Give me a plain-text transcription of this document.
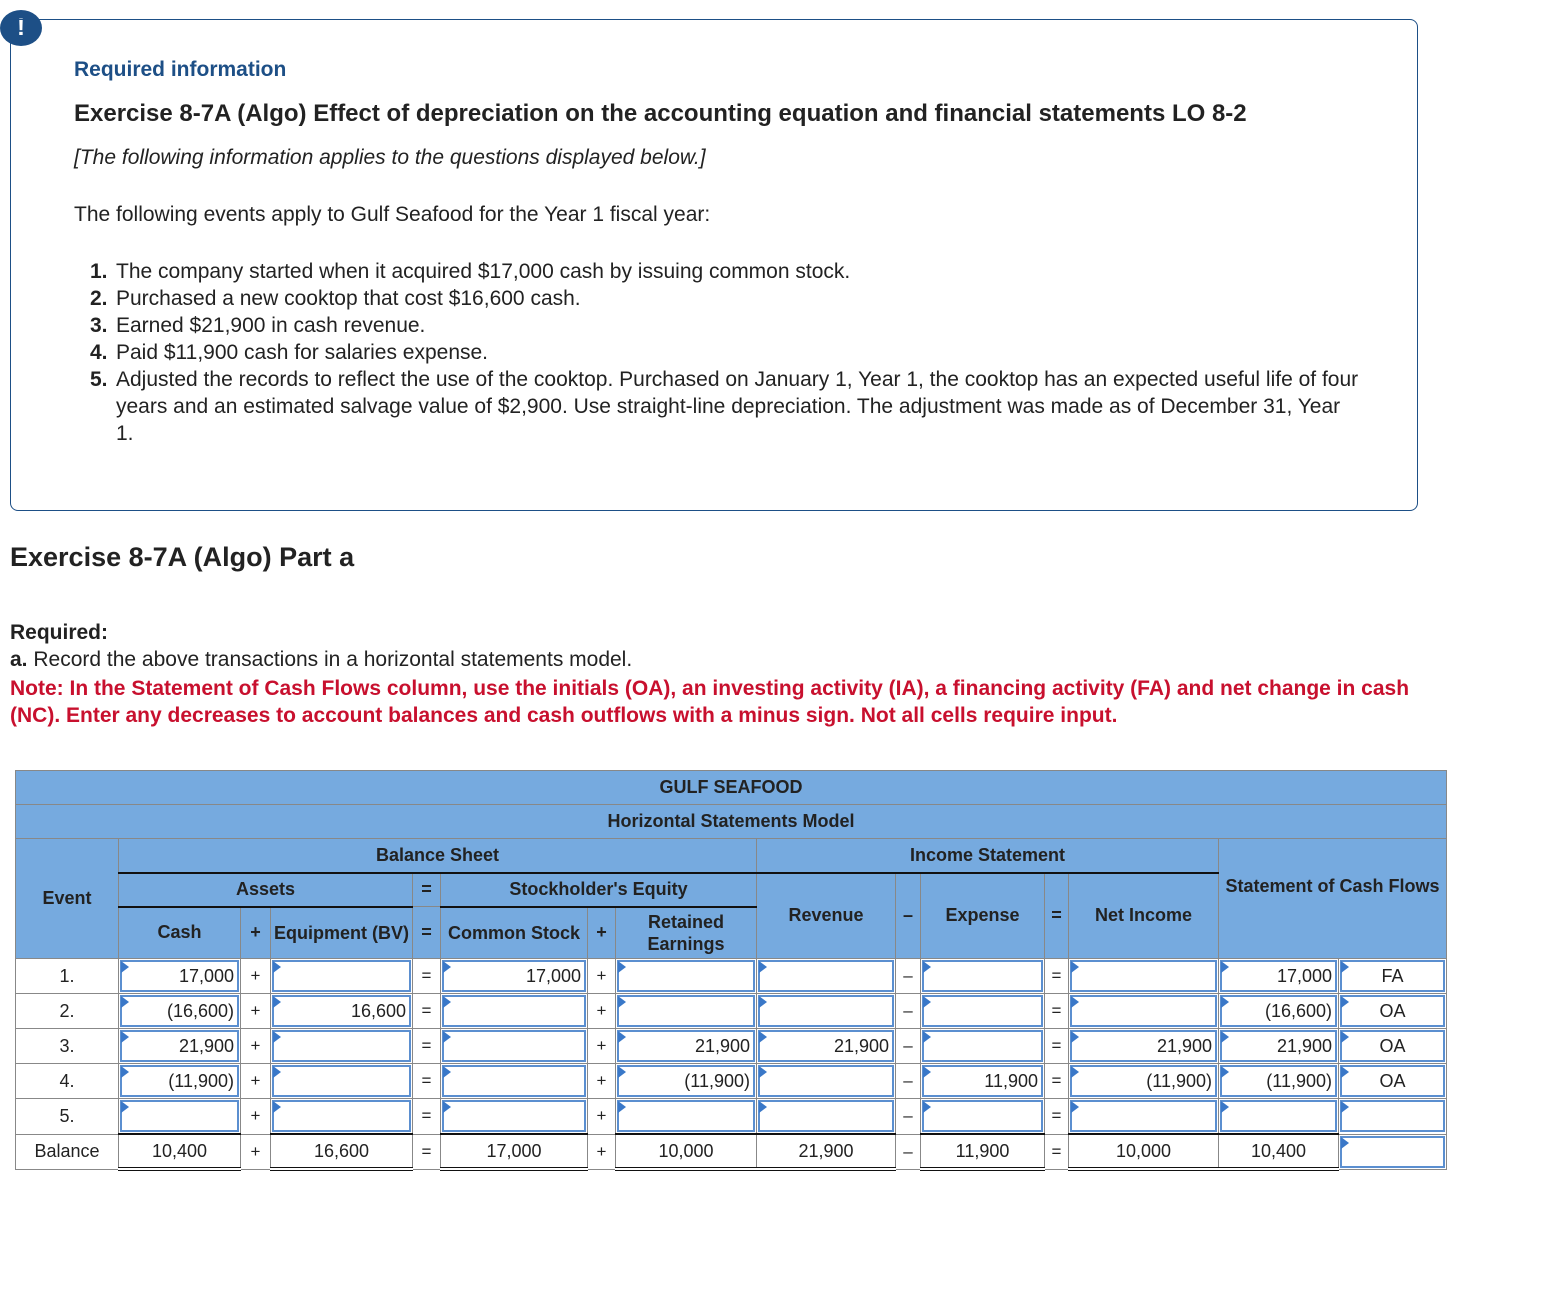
!
Required information
Exercise 8-7A (Algo) Effect of depreciation on the accounting equation and financial statements LO 8-2
[The following information applies to the questions displayed below.]
The following events apply to Gulf Seafood for the Year 1 fiscal year:
1. The company started when it acquired $17,000 cash by issuing common stock.
2. Purchased a new cooktop that cost $16,600 cash.
3. Earned $21,900 in cash revenue.
4. Paid $11,900 cash for salaries expense.
5. Adjusted the records to reflect the use of the cooktop. Purchased on January 1, Year 1, the cooktop has an expected useful life of four years and an estimated salvage value of $2,900. Use straight-line depreciation. The adjustment was made as of December 31, Year 1.
Exercise 8-7A (Algo) Part a
Required:
a. Record the above transactions in a horizontal statements model.
Note: In the Statement of Cash Flows column, use the initials (OA), an investing activity (IA), a financing activity (FA) and net change in cash (NC). Enter any decreases to account balances and cash outflows with a minus sign. Not all cells require input.
GULF SEAFOOD														
Horizontal Statements Model														
Event	Balance Sheet							Income Statement					Statement of Cash Flows	
	Assets			=	Stockholder's Equity			Revenue	–	Expense	=	Net Income		
	Cash	+	Equipment (BV)	=	Common Stock	+	Retained Earnings							
1.	17,000	+		=	17,000	+			–		=		17,000	FA

2.	(16,600)	+	16,600	=		+			–		=		(16,600)	OA

3.	21,900	+		=		+	21,900	21,900	–		=	21,900	21,900	OA

4.	(11,900)	+		=		+	(11,900)		–	11,900	=	(11,900)	(11,900)	OA

5.		+		=		+			–		=	

Balance	10,400	+	16,600	=	17,000	+	10,000	21,900	–	11,900	=	10,000	10,400	
